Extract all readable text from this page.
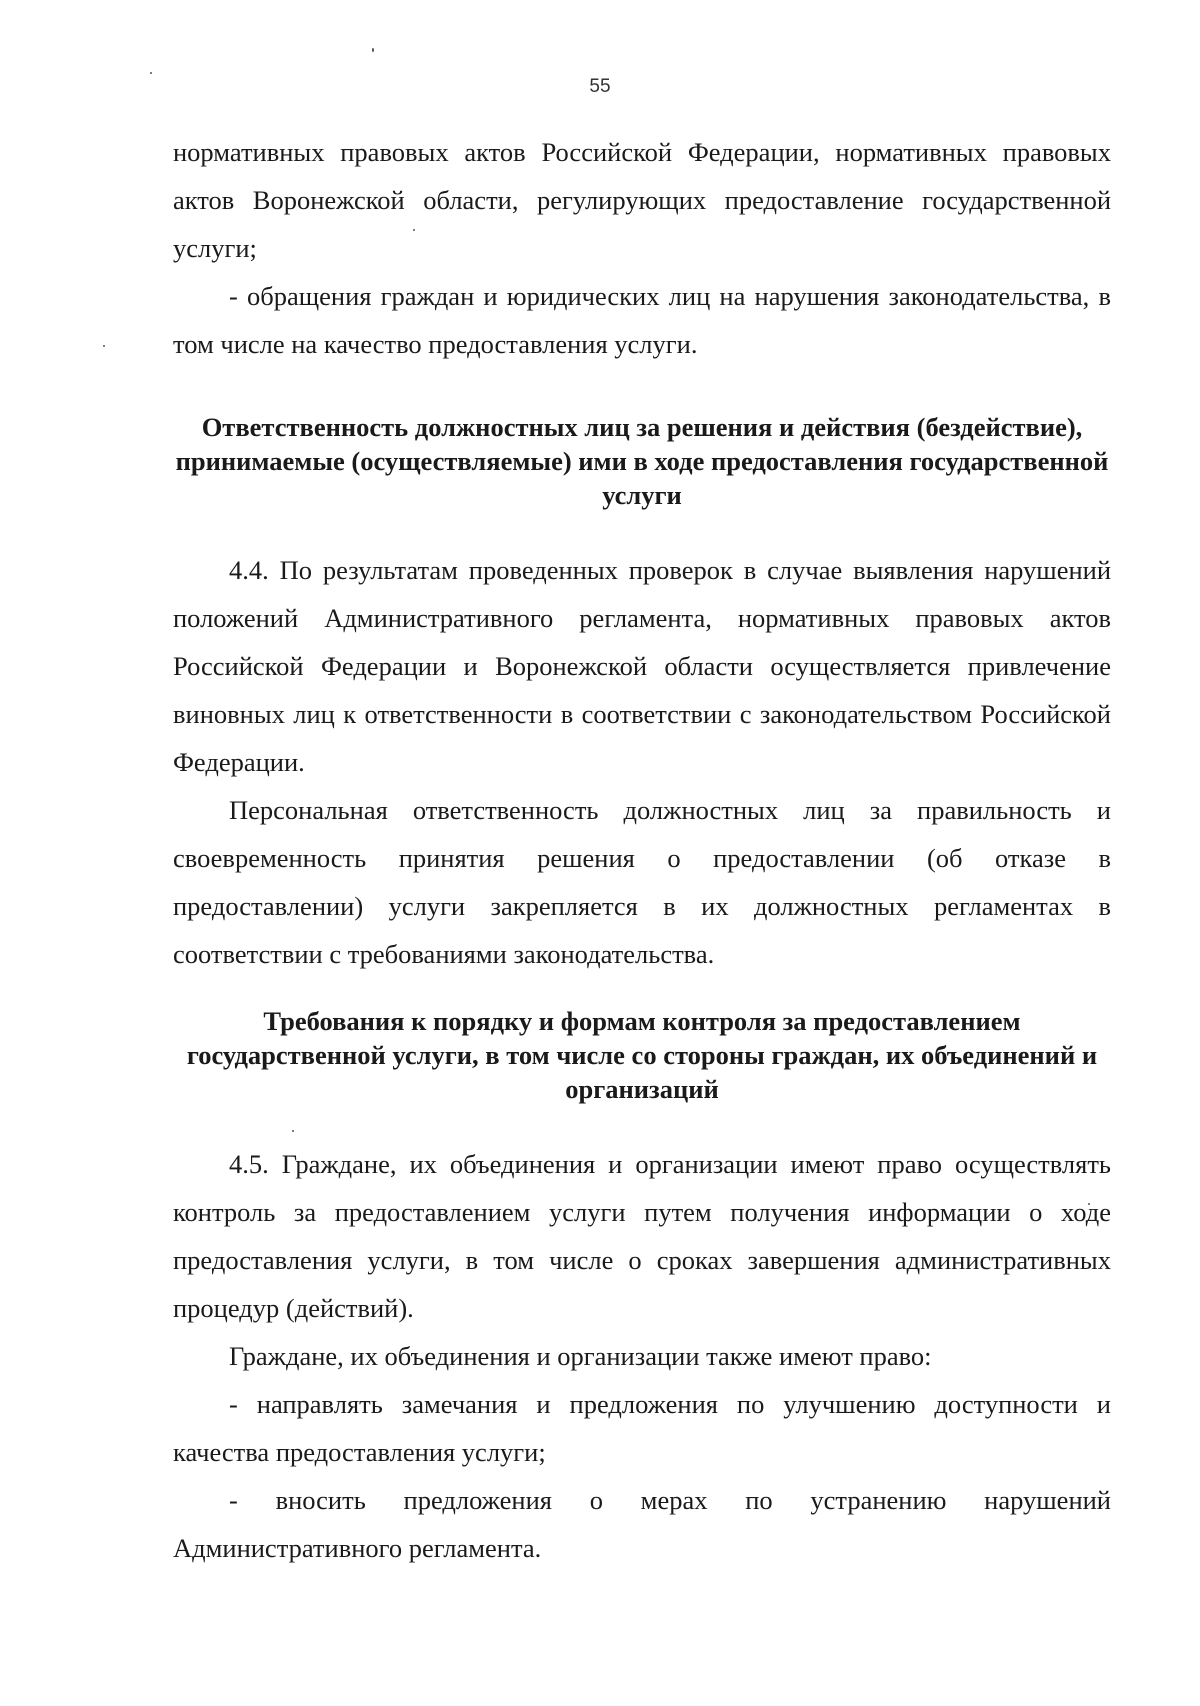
55

нормативных правовых актов Российской Федерации, нормативных правовых актов Воронежской области, регулирующих предоставление государственной услуги;

- обращения граждан и юридических лиц на нарушения законодательства, в том числе на качество предоставления услуги.

Ответственность должностных лиц за решения и действия (бездействие), принимаемые (осуществляемые) ими в ходе предоставления государственной услуги

4.4. По результатам проведенных проверок в случае выявления нарушений положений Административного регламента, нормативных правовых актов Российской Федерации и Воронежской области осуществляется привлечение виновных лиц к ответственности в соответствии с законодательством Российской Федерации.

Персональная ответственность должностных лиц за правильность и своевременность принятия решения о предоставлении (об отказе в предоставлении) услуги закрепляется в их должностных регламентах в соответствии с требованиями законодательства.

Требования к порядку и формам контроля за предоставлением государственной услуги, в том числе со стороны граждан, их объединений и организаций

4.5. Граждане, их объединения и организации имеют право осуществлять контроль за предоставлением услуги путем получения информации о ходе предоставления услуги, в том числе о сроках завершения административных процедур (действий).

Граждане, их объединения и организации также имеют право:

- направлять замечания и предложения по улучшению доступности и качества предоставления услуги;

- вносить предложения о мерах по устранению нарушений Административного регламента.
